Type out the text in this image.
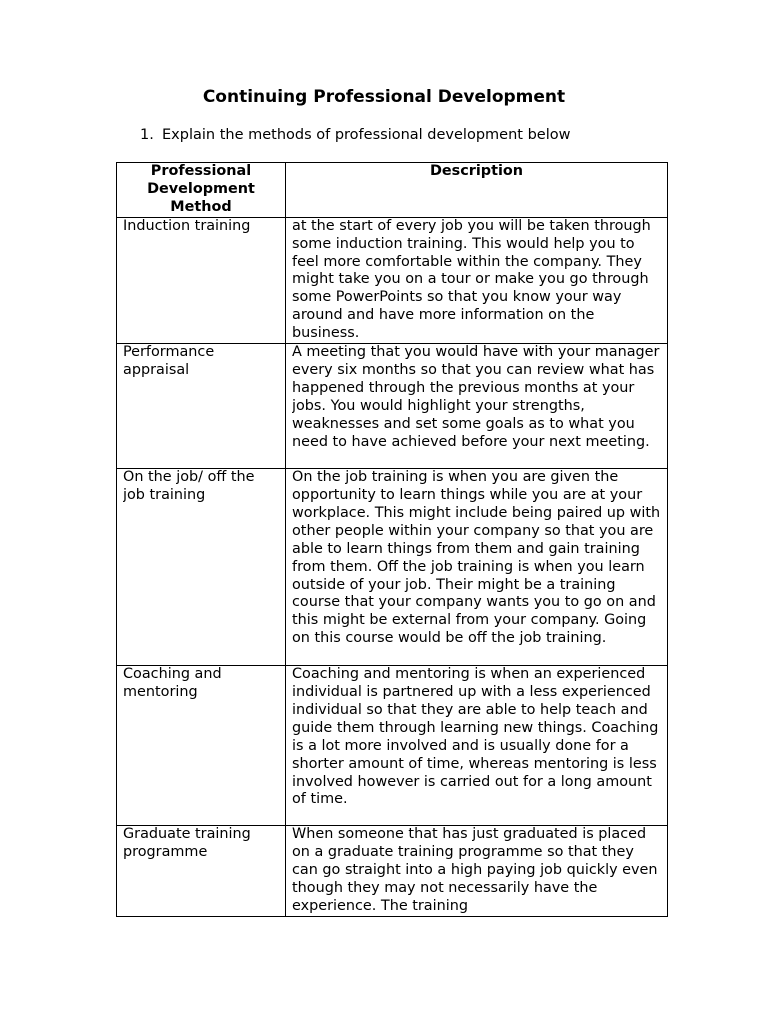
Continuing Professional Development

1. Explain the methods of professional development below

Professional Development Method	Description

Induction training	at the start of every job you will be taken through some induction training. This would help you to feel more comfortable within the company. They might take you on a tour or make you go through some PowerPoints so that you know your way around and have more information on the business.

Performance appraisal	A meeting that you would have with your manager every six months so that you can review what has happened through the previous months at your jobs. You would highlight your strengths, weaknesses and set some goals as to what you need to have achieved before your next meeting.

On the job/ off the job training	On the job training is when you are given the opportunity to learn things while you are at your workplace. This might include being paired up with other people within your company so that you are able to learn things from them and gain training from them. Off the job training is when you learn outside of your job. Their might be a training course that your company wants you to go on and this might be external from your company. Going on this course would be off the job training.

Coaching and mentoring	Coaching and mentoring is when an experienced individual is partnered up with a less experienced individual so that they are able to help teach and guide them through learning new things. Coaching is a lot more involved and is usually done for a shorter amount of time, whereas mentoring is less involved however is carried out for a long amount of time.

Graduate training programme	When someone that has just graduated is placed on a graduate training programme so that they can go straight into a high paying job quickly even though they may not necessarily have the experience. The training
